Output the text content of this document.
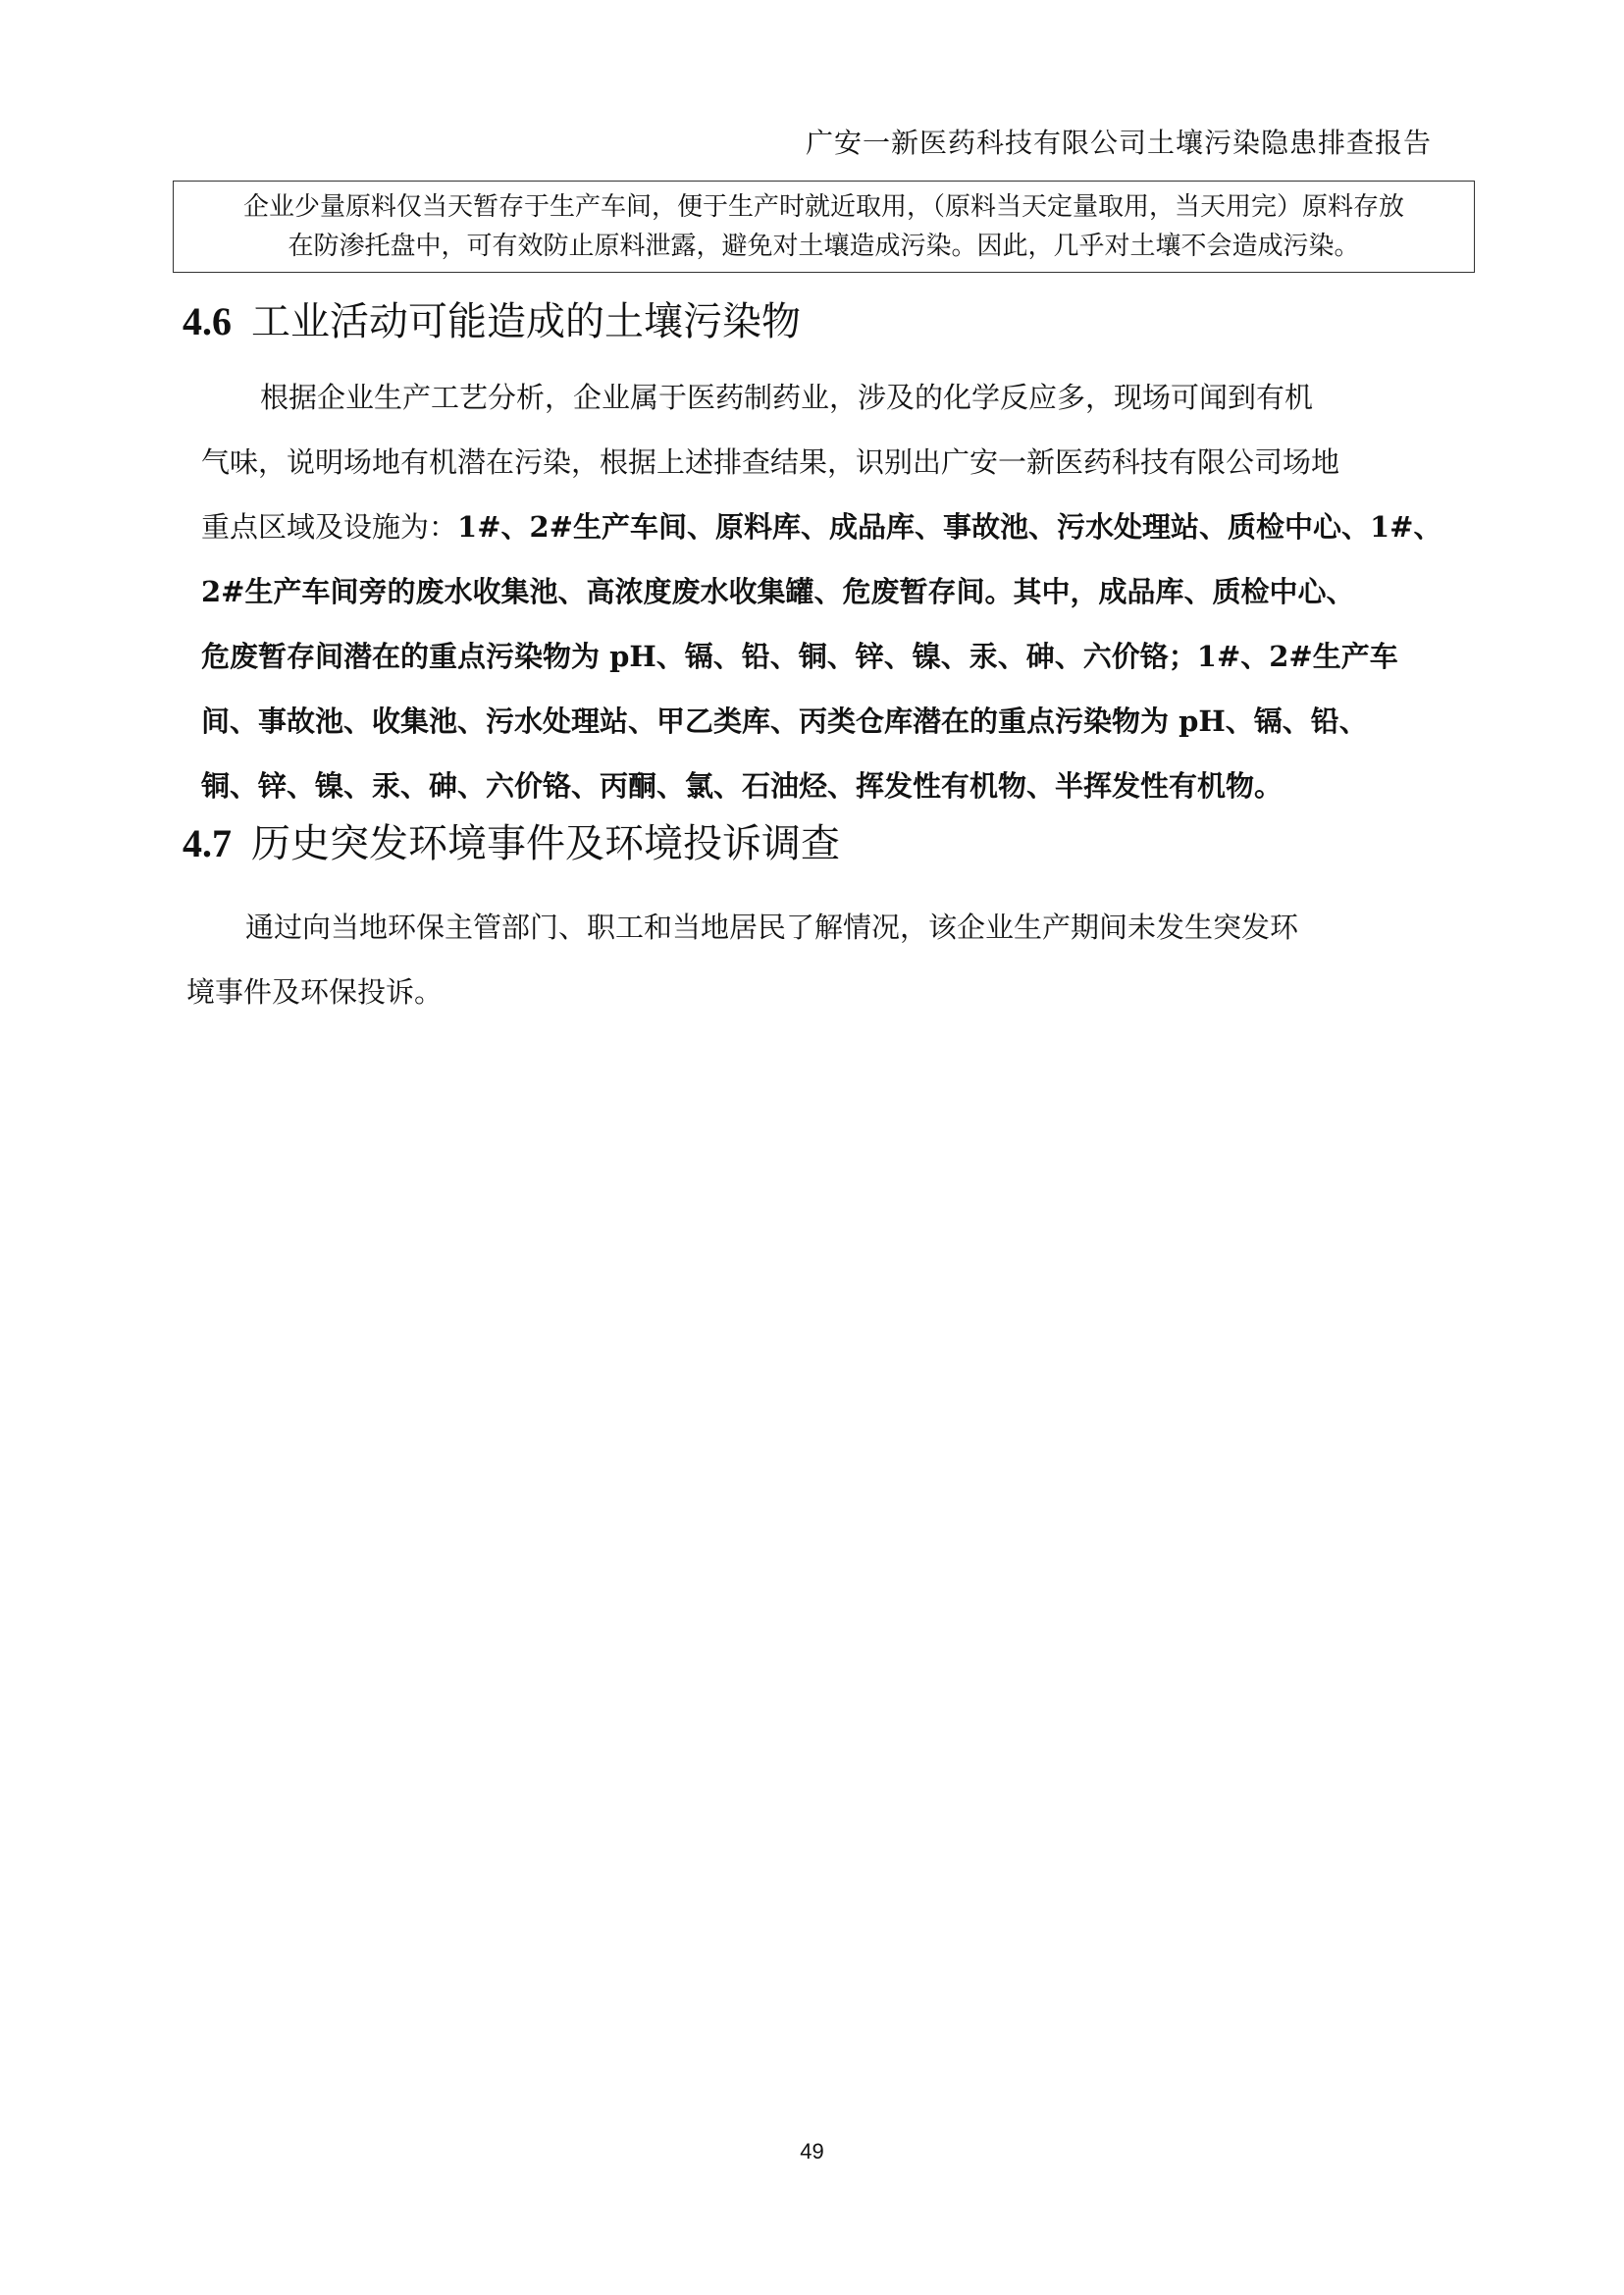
广安一新医药科技有限公司土壤污染隐患排查报告
企业少量原料仅当天暂存于生产车间，便于生产时就近取用，（原料当天定量取用，当天用完）原料存放
在防渗托盘中，可有效防止原料泄露，避免对土壤造成污染。因此，几乎对土壤不会造成污染。
4.6 工业活动可能造成的土壤污染物
根据企业生产工艺分析，企业属于医药制药业，涉及的化学反应多，现场可闻到有机
气味，说明场地有机潜在污染，根据上述排查结果，识别出广安一新医药科技有限公司场地
重点区域及设施为：1#、2#生产车间、原料库、成品库、事故池、污水处理站、质检中心、1#、
2#生产车间旁的废水收集池、高浓度废水收集罐、危废暂存间。其中，成品库、质检中心、
危废暂存间潜在的重点污染物为 pH、镉、铅、铜、锌、镍、汞、砷、六价铬；1#、2#生产车
间、事故池、收集池、污水处理站、甲乙类库、丙类仓库潜在的重点污染物为 pH、镉、铅、
铜、锌、镍、汞、砷、六价铬、丙酮、氯、石油烃、挥发性有机物、半挥发性有机物。
4.7 历史突发环境事件及环境投诉调查
通过向当地环保主管部门、职工和当地居民了解情况，该企业生产期间未发生突发环
境事件及环保投诉。
49
